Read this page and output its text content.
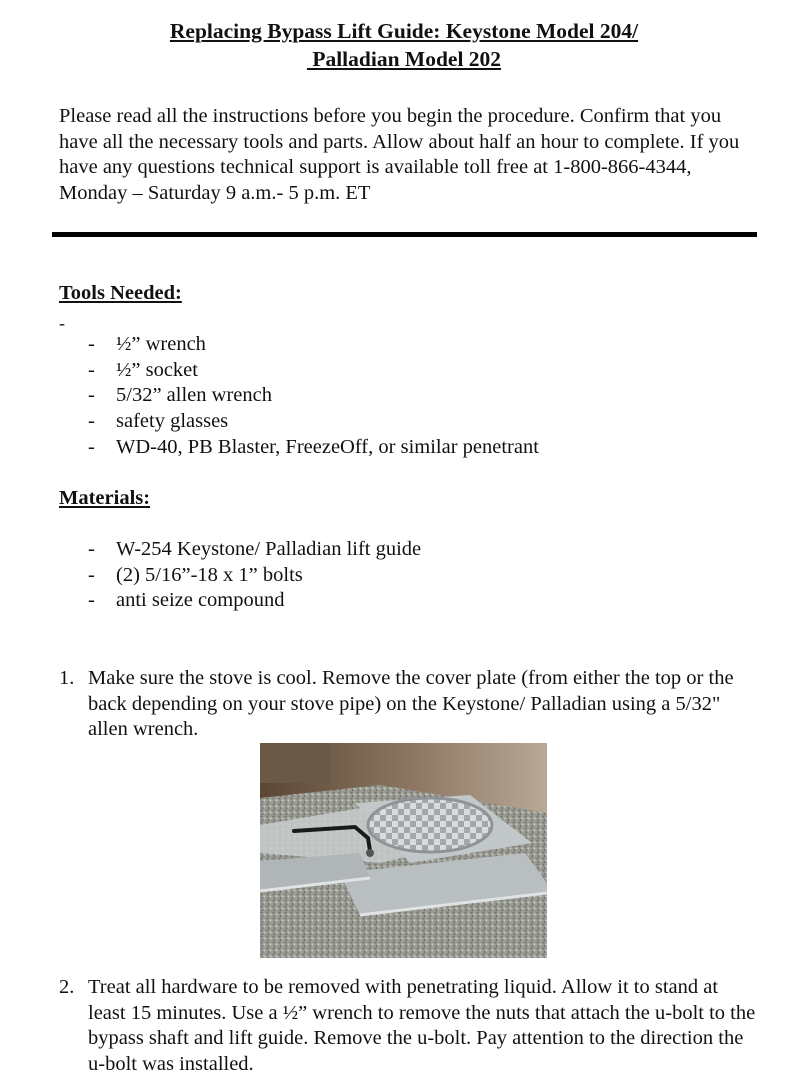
Replacing Bypass Lift Guide: Keystone Model 204/
Palladian Model 202
Please read all the instructions before you begin the procedure. Confirm that you have all the necessary tools and parts. Allow about half an hour to complete. If you have any questions technical support is available toll free at 1-800-866-4344, Monday – Saturday 9 a.m.- 5 p.m. ET
Tools Needed:
-
- ½” wrench
- ½” socket
- 5/32” allen wrench
- safety glasses
- WD-40, PB Blaster, FreezeOff, or similar penetrant
Materials:
- W-254 Keystone/ Palladian lift guide
- (2) 5/16”-18 x 1” bolts
- anti seize compound
1. Make sure the stove is cool. Remove the cover plate (from either the top or the back depending on your stove pipe) on the Keystone/ Palladian using a 5/32" allen wrench.
2. Treat all hardware to be removed with penetrating liquid. Allow it to stand at least 15 minutes. Use a ½” wrench to remove the nuts that attach the u-bolt to the bypass shaft and lift guide. Remove the u-bolt. Pay attention to the direction the u-bolt was installed.
